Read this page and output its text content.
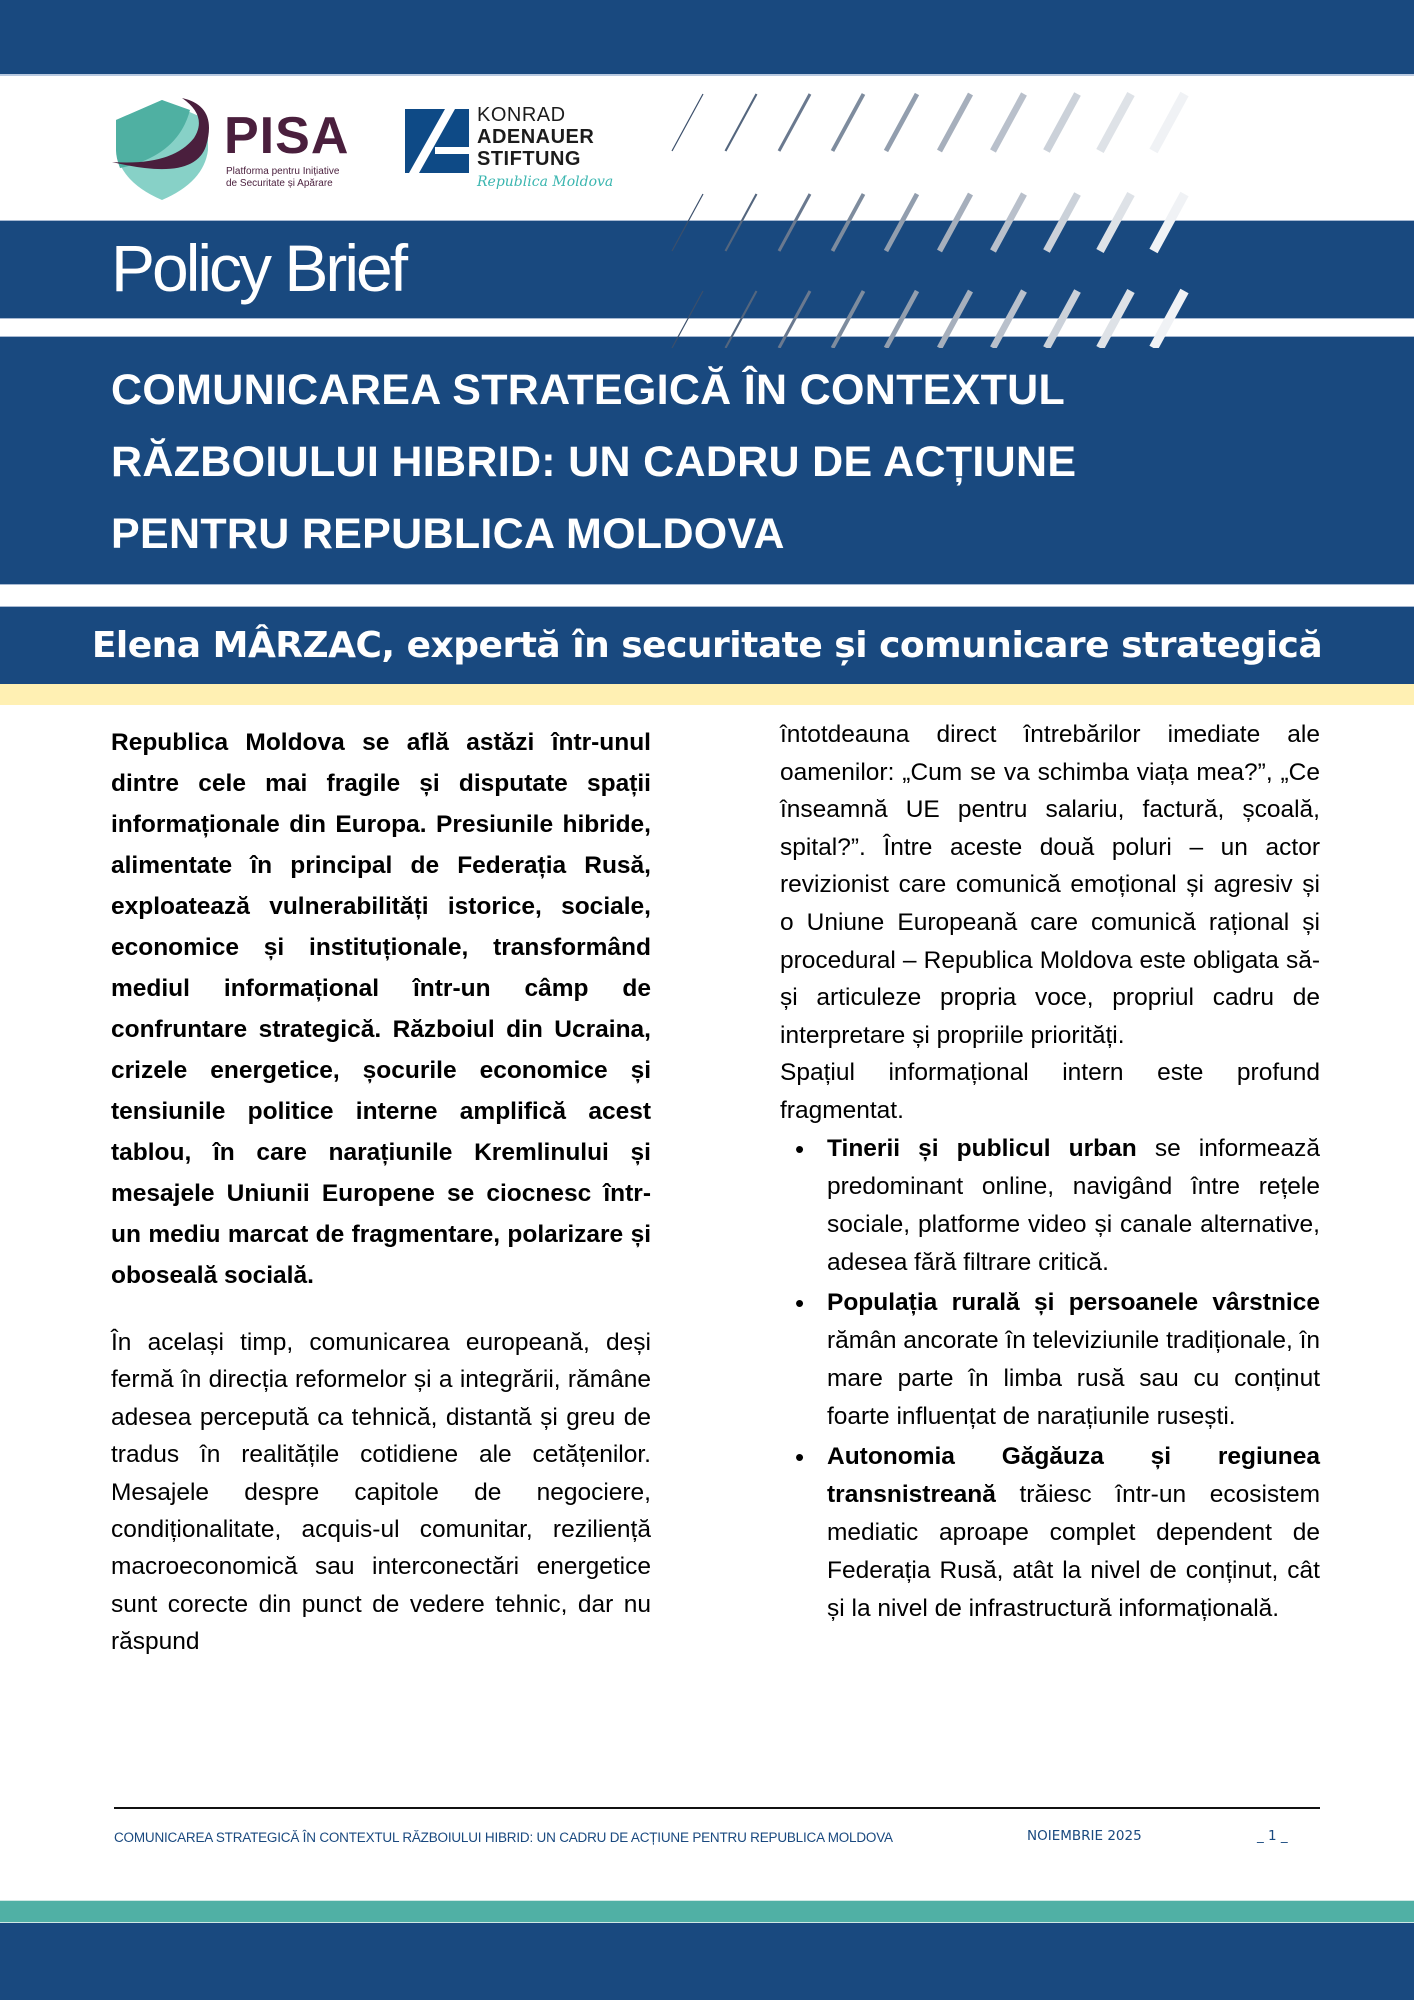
PISA
Platforma pentru Inițiative
de Securitate și Apărare
KONRAD
ADENAUER
STIFTUNG
Republica Moldova
Policy Brief
COMUNICAREA STRATEGICĂ ÎN CONTEXTUL
RĂZBOIULUI HIBRID: UN CADRU DE ACȚIUNE
PENTRU REPUBLICA MOLDOVA
Elena MÂRZAC, expertă în securitate și comunicare strategică

Republica Moldova se află astăzi într-unul dintre cele mai fragile și disputate spații informaționale din Europa. Presiunile hibride, alimentate în principal de Federația Rusă, exploatează vulnerabilități istorice, sociale, economice și instituționale, transformând mediul informațional într-un câmp de confruntare strategică. Războiul din Ucraina, crizele energetice, șocurile economice și tensiunile politice interne amplifică acest tablou, în care narațiunile Kremlinului și mesajele Uniunii Europene se ciocnesc într-un mediu marcat de fragmentare, polarizare și oboseală socială.

În același timp, comunicarea europeană, deși fermă în direcția reformelor și a integrării, rămâne adesea percepută ca tehnică, distantă și greu de tradus în realitățile cotidiene ale cetățenilor. Mesajele despre capitole de negociere, condiționalitate, acquis-ul comunitar, reziliență macroeconomică sau interconectări energetice sunt corecte din punct de vedere tehnic, dar nu răspund

întotdeauna direct întrebărilor imediate ale oamenilor: „Cum se va schimba viața mea?”, „Ce înseamnă UE pentru salariu, factură, școală, spital?”. Între aceste două poluri – un actor revizionist care comunică emoțional și agresiv și o Uniune Europeană care comunică rațional și procedural – Republica Moldova este obligata să-și articuleze propria voce, propriul cadru de interpretare și propriile priorități.

Spațiul informațional intern este profund fragmentat.

• Tinerii și publicul urban se informează predominant online, navigând între rețele sociale, platforme video și canale alternative, adesea fără filtrare critică.
• Populația rurală și persoanele vârstnice rămân ancorate în televiziunile tradiționale, în mare parte în limba rusă sau cu conținut foarte influențat de narațiunile rusești.
• Autonomia Găgăuza și regiunea transnistreană trăiesc într-un ecosistem mediatic aproape complet dependent de Federația Rusă, atât la nivel de conținut, cât și la nivel de infrastructură informațională.
COMUNICAREA STRATEGICĂ ÎN CONTEXTUL RĂZBOIULUI HIBRID: UN CADRU DE ACȚIUNE PENTRU REPUBLICA MOLDOVA	NOIEMBRIE 2025	_ 1 _
